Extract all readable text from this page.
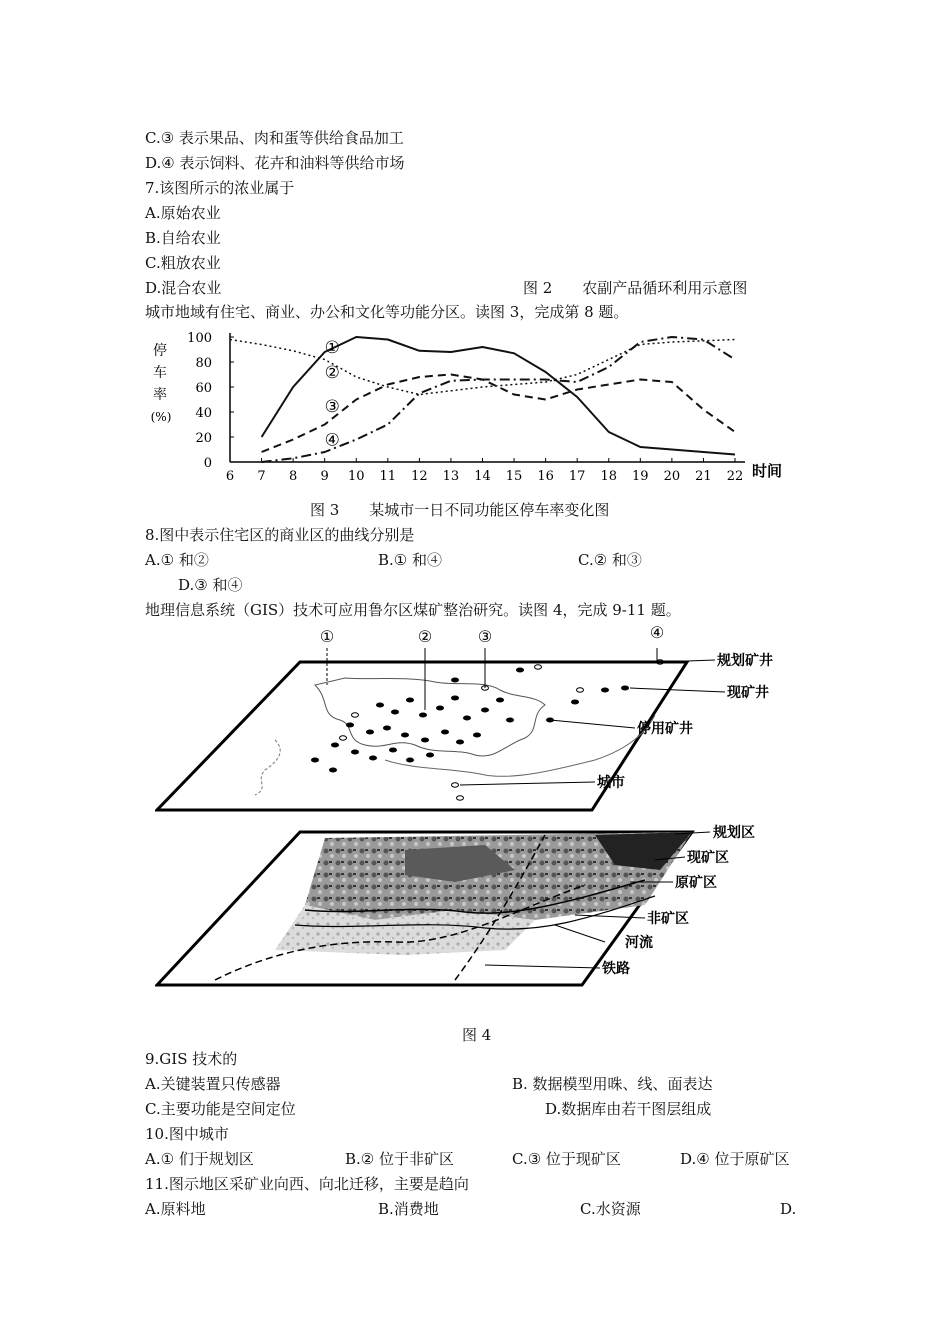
C.③ 表示果品、肉和蛋等供给食品加工
D.④ 表示饲料、花卉和油料等供给市场
7.该图所示的浓业属于
A.原始农业
B.自给农业
C.粗放农业
D.混合农业	图 2　　农副产品循环利用示意图
城市地域有住宅、商业、办公和文化等功能分区。读图 3，完成第 8 题。
6 7 8 9 10 11 12 13 14 15 16 17 18 19 20 21 22
0
20
40
60
80
100
停
车
率
(%)
时间
①
②
③
④
图 3　　某城市一日不同功能区停车率变化图
8.图中表示住宅区的商业区的曲线分别是
A.① 和②	B.① 和④	C.② 和③
D.③ 和④
地理信息系统（GIS）技术可应用鲁尔区煤矿整治研究。读图 4，完成 9-11 题。
①	②	③	④
规划矿井
现矿井
停用矿井
城市
规划区
现矿区
原矿区
非矿区
河流
铁路
图 4
9.GIS 技术的
A.关键装置只传感器	B. 数据模型用咮、线、面表达
C.主要功能是空间定位	D.数据库由若干图层组成
10.图中城市
A.① 们于规划区	B.② 位于非矿区	C.③ 位于现矿区	D.④ 位于原矿区
11.图示地区采矿业向西、向北迁移，主要是趋向
A.原料地	B.消费地	C.水资源	D.
